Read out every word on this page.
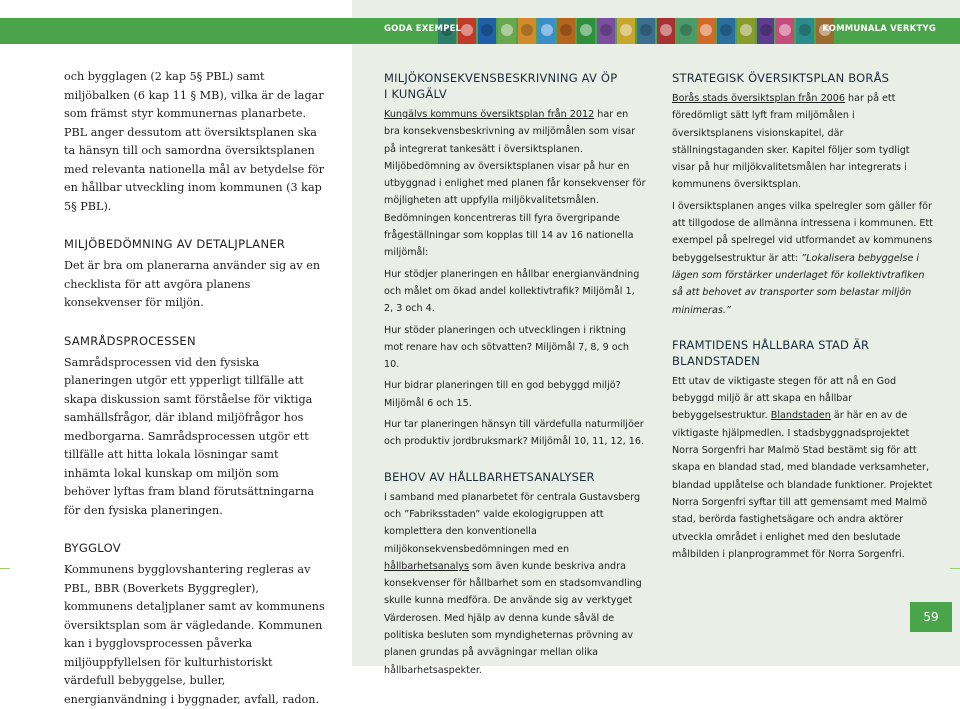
GODA EXEMPEL	KOMMUNALA VERKTYG

och bygglagen (2 kap 5§ PBL) samt miljöbalken (6 kap 11 § MB), vilka är de lagar som främst styr kommunernas planarbete. PBL anger dessutom att översiktsplanen ska ta hänsyn till och samordna översiktsplanen med relevanta nationella mål av betydelse för en hållbar utveckling inom kommunen (3 kap 5§ PBL).

MILJÖBEDÖMNING AV DETALJPLANER

Det är bra om planerarna använder sig av en checklista för att avgöra planens konsekvenser för miljön.

SAMRÅDSPROCESSEN

Samrådsprocessen vid den fysiska planeringen utgör ett ypperligt tillfälle att skapa diskussion samt förståelse för viktiga samhällsfrågor, där ibland miljöfrågor hos medborgarna. Samrådsprocessen utgör ett tillfälle att hitta lokala lösningar samt inhämta lokal kunskap om miljön som behöver lyftas fram bland förutsättningarna för den fysiska planeringen.

BYGGLOV

Kommunens bygglovshantering regleras av PBL, BBR (Boverkets Byggregler), kommunens detaljplaner samt av kommunens översiktsplan som är vägledande. Kommunen kan i bygglovsprocessen påverka miljöuppfyllelsen för kulturhistoriskt värdefull bebyggelse, buller, energianvändning i byggnader, avfall, radon.

MILJÖKONSEKVENSBESKRIVNING AV ÖP
I KUNGÄLV

Kungälvs kommuns översiktsplan från 2012 har en bra konsekvensbeskrivning av miljömålen som visar på integrerat tankesätt i översiktsplanen. Miljöbedömning av översiktsplanen visar på hur en utbyggnad i enlighet med planen får konsekvenser för möjligheten att uppfylla miljökvalitetsmålen. Bedömningen koncentreras till fyra övergripande frågeställningar som kopplas till 14 av 16 nationella miljömål:

Hur stödjer planeringen en hållbar energianvändning och målet om ökad andel kollektivtrafik? Miljömål 1, 2, 3 och 4.

Hur stöder planeringen och utvecklingen i riktning mot renare hav och sötvatten? Miljömål 7, 8, 9 och 10.

Hur bidrar planeringen till en god bebyggd miljö? Miljömål 6 och 15.

Hur tar planeringen hänsyn till värdefulla naturmiljöer och produktiv jordbruksmark? Miljömål 10, 11, 12, 16.

BEHOV AV HÅLLBARHETSANALYSER

I samband med planarbetet för centrala Gustavsberg och ”Fabriksstaden” valde ekologigruppen att komplettera den konventionella miljökonsekvensbedömningen med en hållbarhetsanalys som även kunde beskriva andra konsekvenser för hållbarhet som en stadsomvandling skulle kunna medföra. De använde sig av verktyget Värderosen. Med hjälp av denna kunde såväl de politiska besluten som myndigheternas prövning av planen grundas på avvägningar mellan olika hållbarhetsaspekter.

STRATEGISK ÖVERSIKTSPLAN BORÅS

Borås stads översiktsplan från 2006 har på ett föredömligt sätt lyft fram miljömålen i översiktsplanens visionskapitel, där ställningstaganden sker. Kapitel följer som tydligt visar på hur miljökvalitetsmålen har integrerats i kommunens översiktsplan.

I översiktsplanen anges vilka spelregler som gäller för att tillgodose de allmänna intressena i kommunen. Ett exempel på spelregel vid utformandet av kommunens bebyggelsestruktur är att: ”Lokalisera bebyggelse i lägen som förstärker underlaget för kollektivtrafiken så att behovet av transporter som belastar miljön minimeras.”

FRAMTIDENS HÅLLBARA STAD ÄR
BLANDSTADEN

Ett utav de viktigaste stegen för att nå en God bebyggd miljö är att skapa en hållbar bebyggelsestruktur. Blandstaden är här en av de viktigaste hjälpmedlen. I stadsbyggnadsprojektet Norra Sorgenfri har Malmö Stad bestämt sig för att skapa en blandad stad, med blandade verksamheter, blandad upplåtelse och blandade funktioner. Projektet Norra Sorgenfri syftar till att gemensamt med Malmö stad, berörda fastighetsägare och andra aktörer utveckla området i enlighet med den beslutade målbilden i planprogrammet för Norra Sorgenfri.

59
